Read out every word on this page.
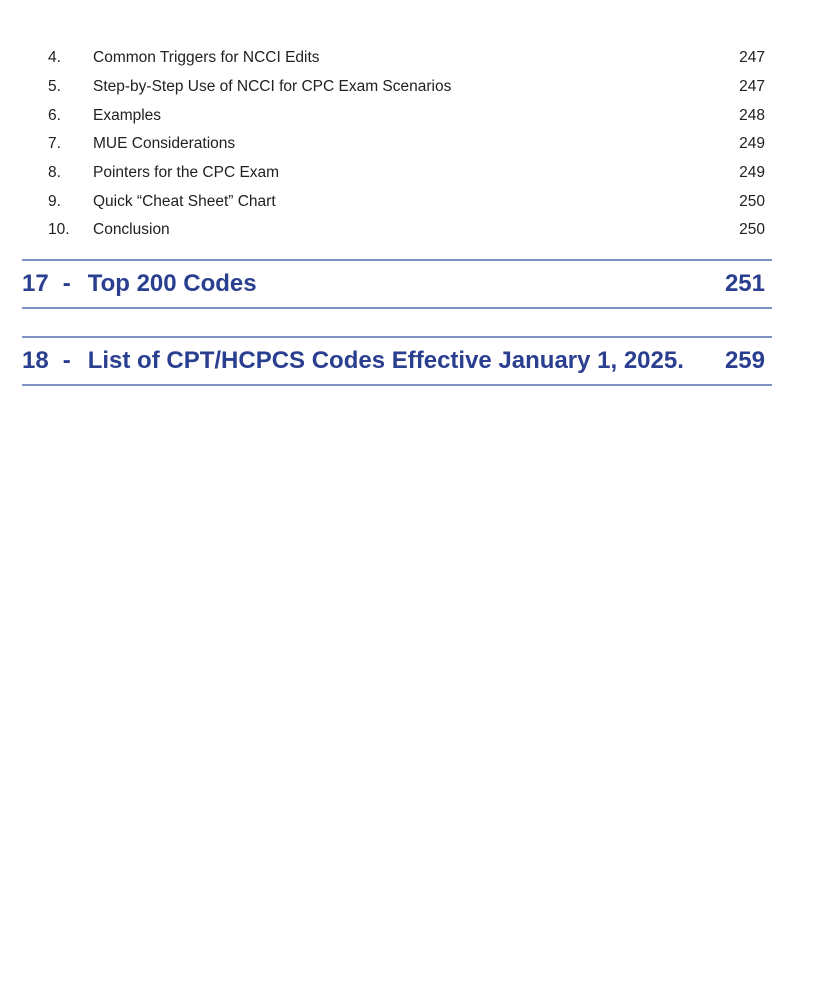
4.	Common Triggers for NCCI Edits	247
5.	Step-by-Step Use of NCCI for CPC Exam Scenarios	247
6.	Examples	248
7.	MUE Considerations	249
8.	Pointers for the CPC Exam	249
9.	Quick “Cheat Sheet” Chart	250
10.	Conclusion	250
17 - Top 200 Codes	251
18 - List of CPT/HCPCS Codes Effective January 1, 2025.	259
